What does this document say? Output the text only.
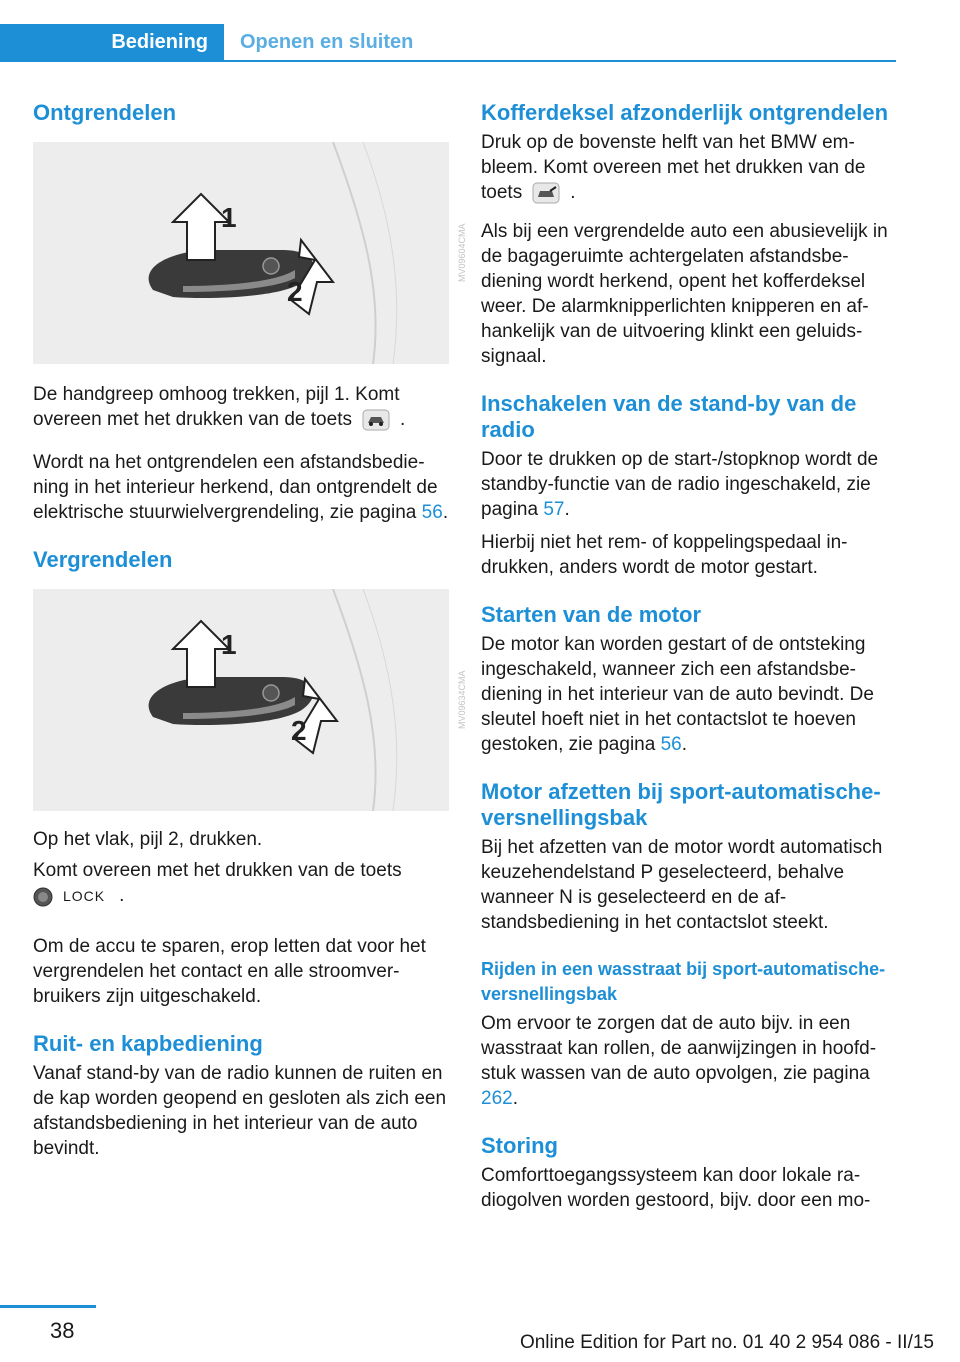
Bediening	Openen en sluiten
Ontgrendelen
1
2
MV09604CMA

De handgreep omhoog trekken, pijl 1. Komt overeen met het drukken van de toets	.

Wordt na het ontgrendelen een afstandsbediening in het interieur herkend, dan ontgrendelt de elektrische stuurwielvergrendeling, zie pagina 56.

Vergrendelen
1
2
MV09634CMA

Op het vlak, pijl 2, drukken.

Komt overeen met het drukken van de toets
LOCK .

Om de accu te sparen, erop letten dat voor het vergrendelen het contact en alle stroomverbruikers zijn uitgeschakeld.

Ruit- en kapbediening

Vanaf stand-by van de radio kunnen de ruiten en de kap worden geopend en gesloten als zich een afstandsbediening in het interieur van de auto bevindt.

Kofferdeksel afzonderlijk ontgrendelen

Druk op de bovenste helft van het BMW embleem. Komt overeen met het drukken van de toets	.

Als bij een vergrendelde auto een abusievelijk in de bagageruimte achtergelaten afstandsbediening wordt herkend, opent het kofferdeksel weer. De alarmknipperlichten knipperen en afhankelijk van de uitvoering klinkt een geluidssignaal.

Inschakelen van de stand-by van de radio

Door te drukken op de start-/stopknop wordt de standby-functie van de radio ingeschakeld, zie pagina 57.

Hierbij niet het rem- of koppelingspedaal indrukken, anders wordt de motor gestart.

Starten van de motor

De motor kan worden gestart of de ontsteking ingeschakeld, wanneer zich een afstandsbediening in het interieur van de auto bevindt. De sleutel hoeft niet in het contactslot te hoeven gestoken, zie pagina 56.

Motor afzetten bij sport-automatische-versnellingsbak

Bij het afzetten van de motor wordt automatisch keuzehendelstand P geselecteerd, behalve wanneer N is geselecteerd en de afstandsbediening in het contactslot steekt.

Rijden in een wasstraat bij sport-automatische-versnellingsbak

Om ervoor te zorgen dat de auto bijv. in een wasstraat kan rollen, de aanwijzingen in hoofdstuk wassen van de auto opvolgen, zie pagina 262.

Storing

Comforttoegangssysteem kan door lokale radiogolven worden gestoord, bijv. door een mo-

38	Online Edition for Part no. 01 40 2 954 086 - II/15
